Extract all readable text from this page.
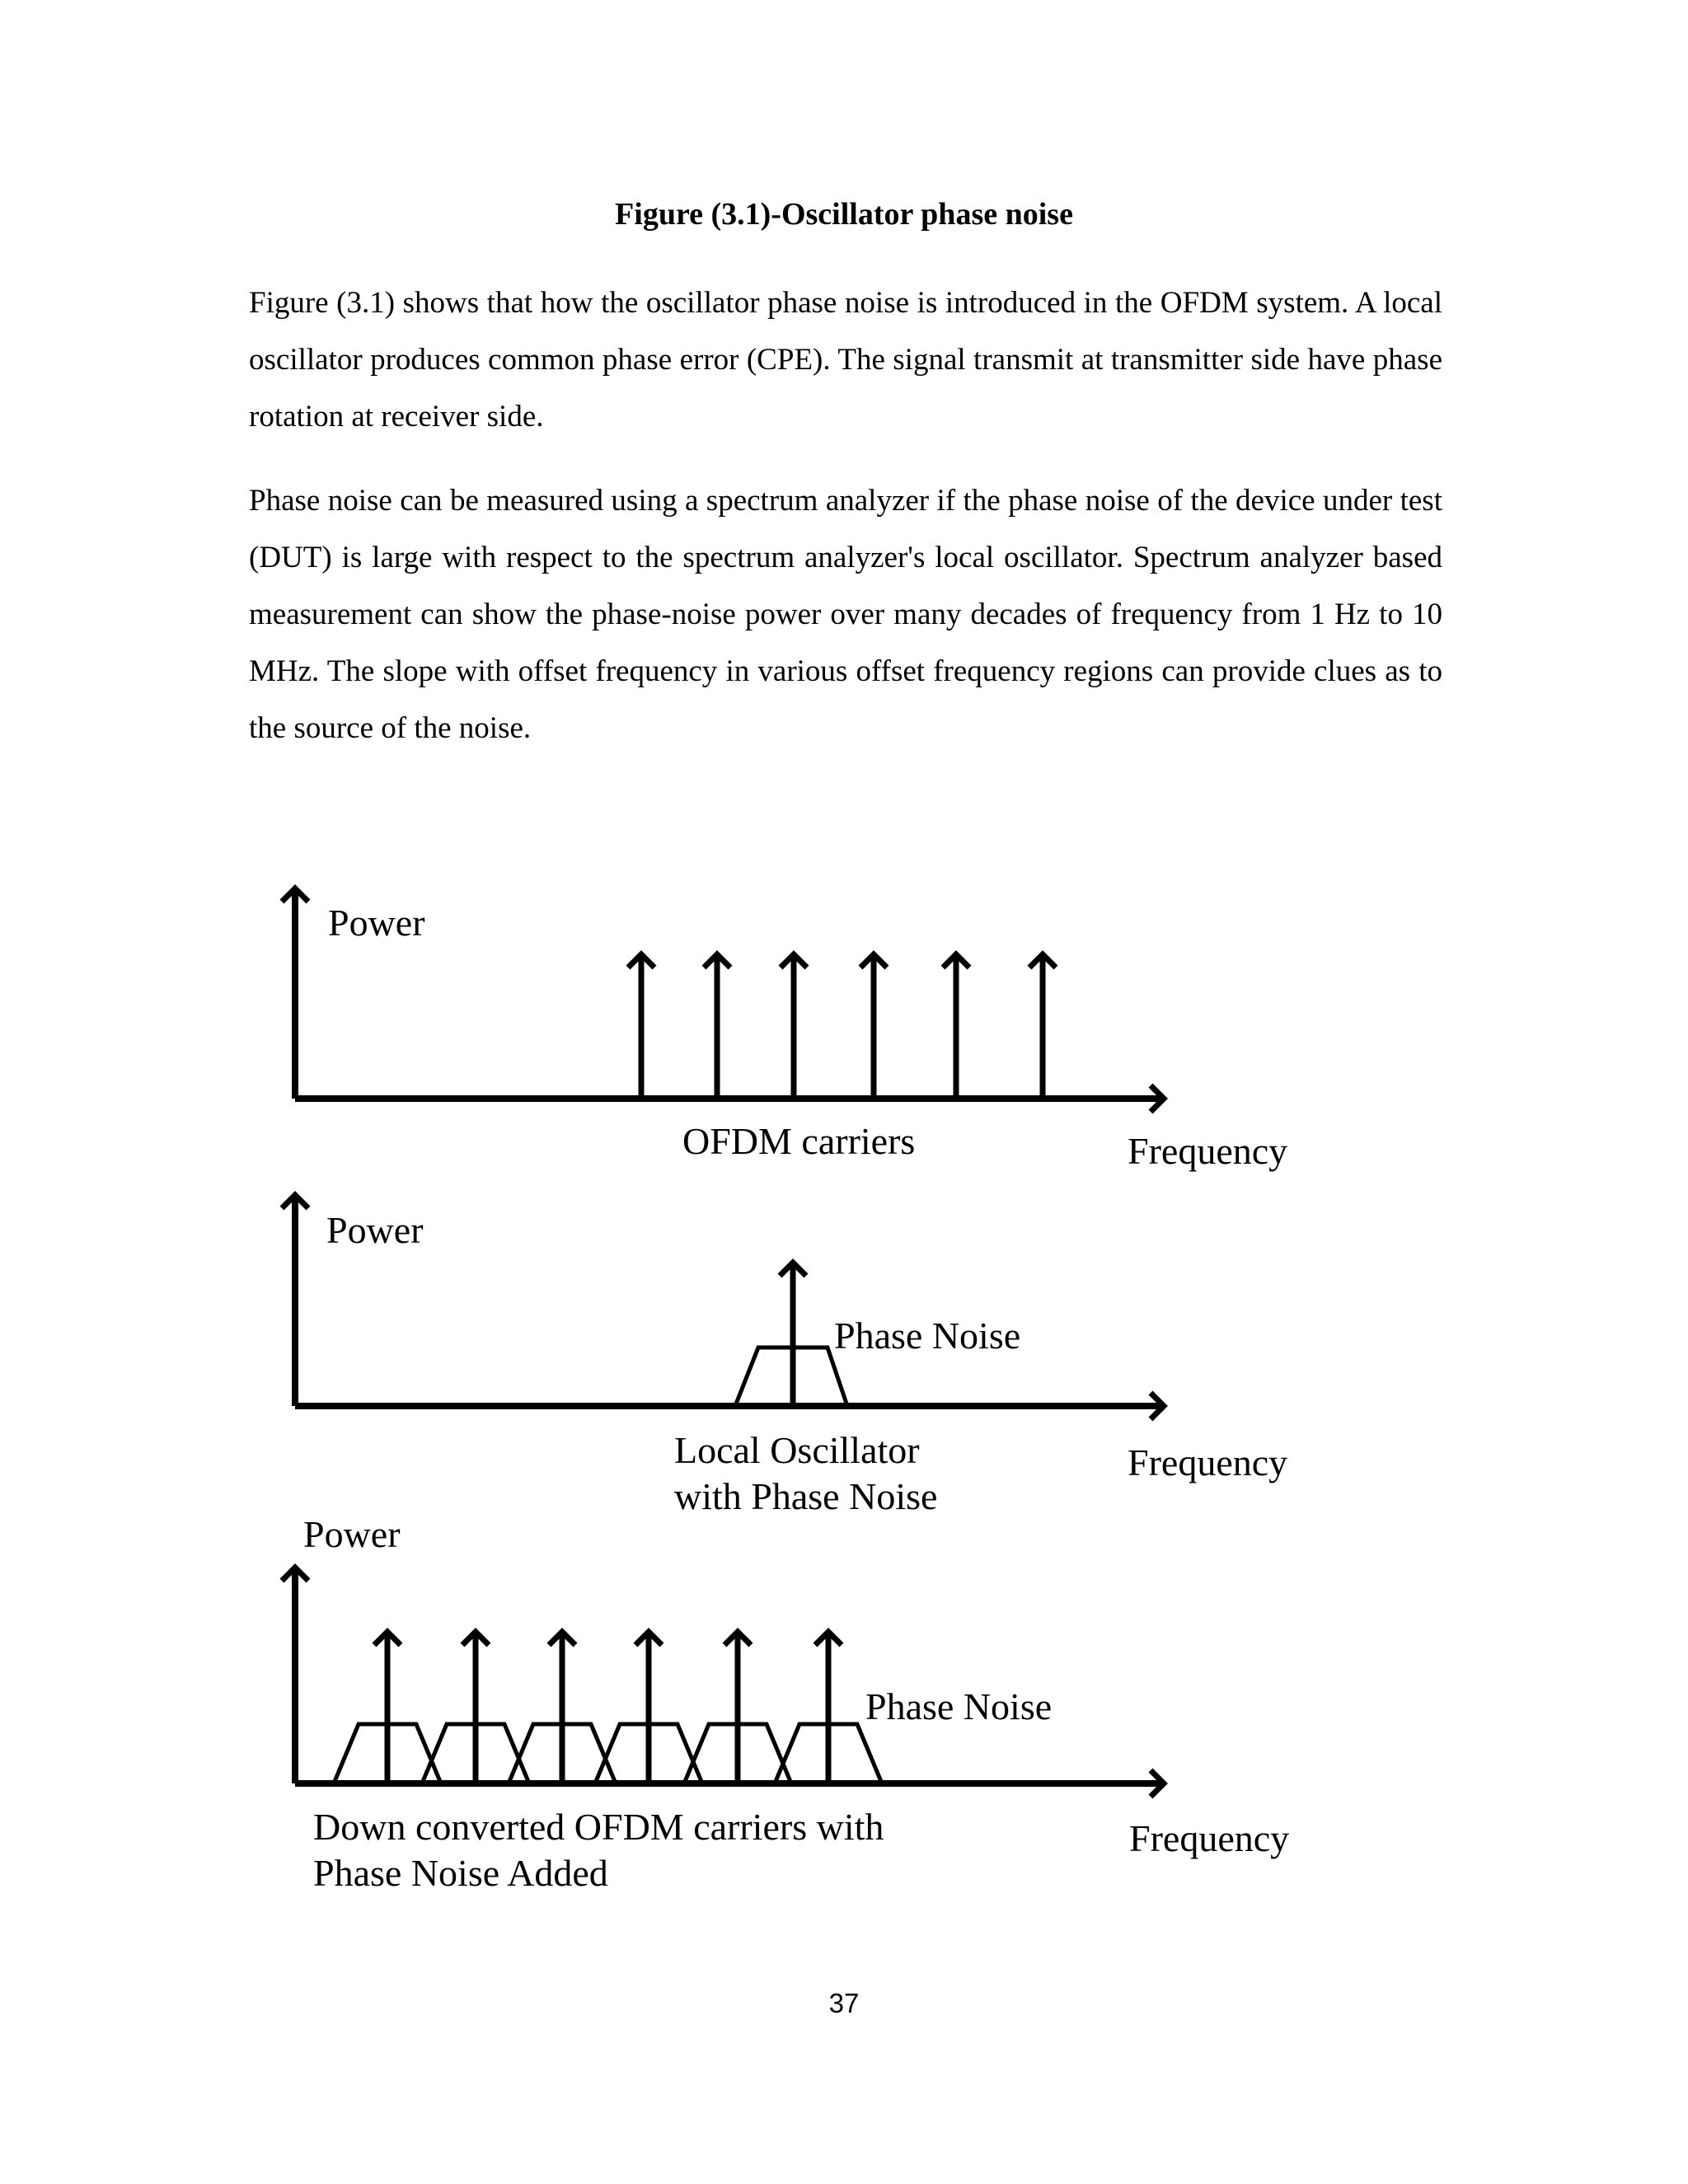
Figure (3.1)-Oscillator phase noise

Figure (3.1) shows that how the oscillator phase noise is introduced in the OFDM system. A local oscillator produces common phase error (CPE). The signal transmit at transmitter side have phase rotation at receiver side.

Phase noise can be measured using a spectrum analyzer if the phase noise of the device under test (DUT) is large with respect to the spectrum analyzer's local oscillator. Spectrum analyzer based measurement can show the phase-noise power over many decades of frequency from 1 Hz to 10 MHz. The slope with offset frequency in various offset frequency regions can provide clues as to the source of the noise.

Power
OFDM carriers	Frequency
Power
Phase Noise
Local Oscillator
with Phase Noise
Frequency
Power
Phase Noise
Down converted OFDM carriers with
Phase Noise Added
Frequency
37
